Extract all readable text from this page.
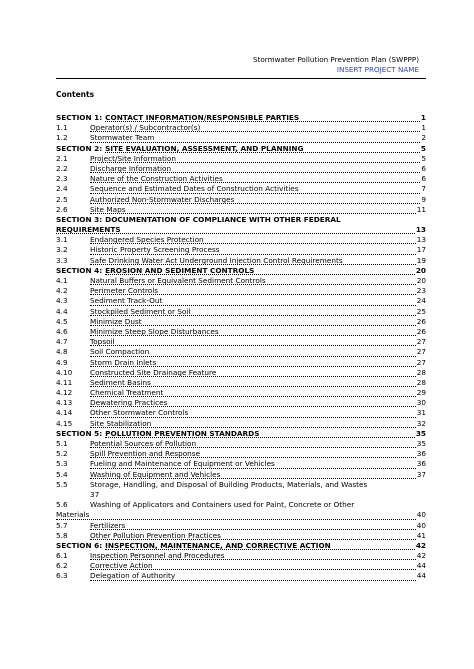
Stormwater Pollution Prevention Plan (SWPPP)
INSERT PROJECT NAME
Contents
SECTION 1: CONTACT INFORMATION/RESPONSIBLE PARTIES	1
1.1	Operator(s) / Subcontractor(s)	1
1.2	Stormwater Team	2
SECTION 2: SITE EVALUATION, ASSESSMENT, AND PLANNING	5
2.1	Project/Site Information	5
2.2	Discharge Information	6
2.3	Nature of the Construction Activities	6
2.4	Sequence and Estimated Dates of Construction Activities	7
2.5	Authorized Non-Stormwater Discharges	9
2.6	Site Maps	11
SECTION 3: DOCUMENTATION OF COMPLIANCE WITH OTHER FEDERAL
REQUIREMENTS	13
3.1	Endangered Species Protection	13
3.2	Historic Property Screening Process	17
3.3	Safe Drinking Water Act Underground Injection Control Requirements	19
SECTION 4: EROSION AND SEDIMENT CONTROLS	20
4.1	Natural Buffers or Equivalent Sediment Controls	20
4.2	Perimeter Controls	23
4.3	Sediment Track-Out	24
4.4	Stockpiled Sediment or Soil	25
4.5	Minimize Dust	26
4.6	Minimize Steep Slope Disturbances	26
4.7	Topsoil	27
4.8	Soil Compaction	27
4.9	Storm Drain Inlets	27
4.10	Constructed Site Drainage Feature	28
4.11	Sediment Basins	28
4.12	Chemical Treatment	29
4.13	Dewatering Practices	30
4.14	Other Stormwater Controls	31
4.15	Site Stabilization	32
SECTION 5: POLLUTION PREVENTION STANDARDS	35
5.1	Potential Sources of Pollution	35
5.2	Spill Prevention and Response	36
5.3	Fueling and Maintenance of Equipment or Vehicles	36
5.4	Washing of Equipment and Vehicles	37
5.5	Storage, Handling, and Disposal of Building Products, Materials, and Wastes
37
5.6	Washing of Applicators and Containers used for Paint, Concrete or Other
Materials	40
5.7	Fertilizers	40
5.8	Other Pollution Prevention Practices	41
SECTION 6: INSPECTION, MAINTENANCE, AND CORRECTIVE ACTION	42
6.1	Inspection Personnel and Procedures	42
6.2	Corrective Action	44
6.3	Delegation of Authority	44
